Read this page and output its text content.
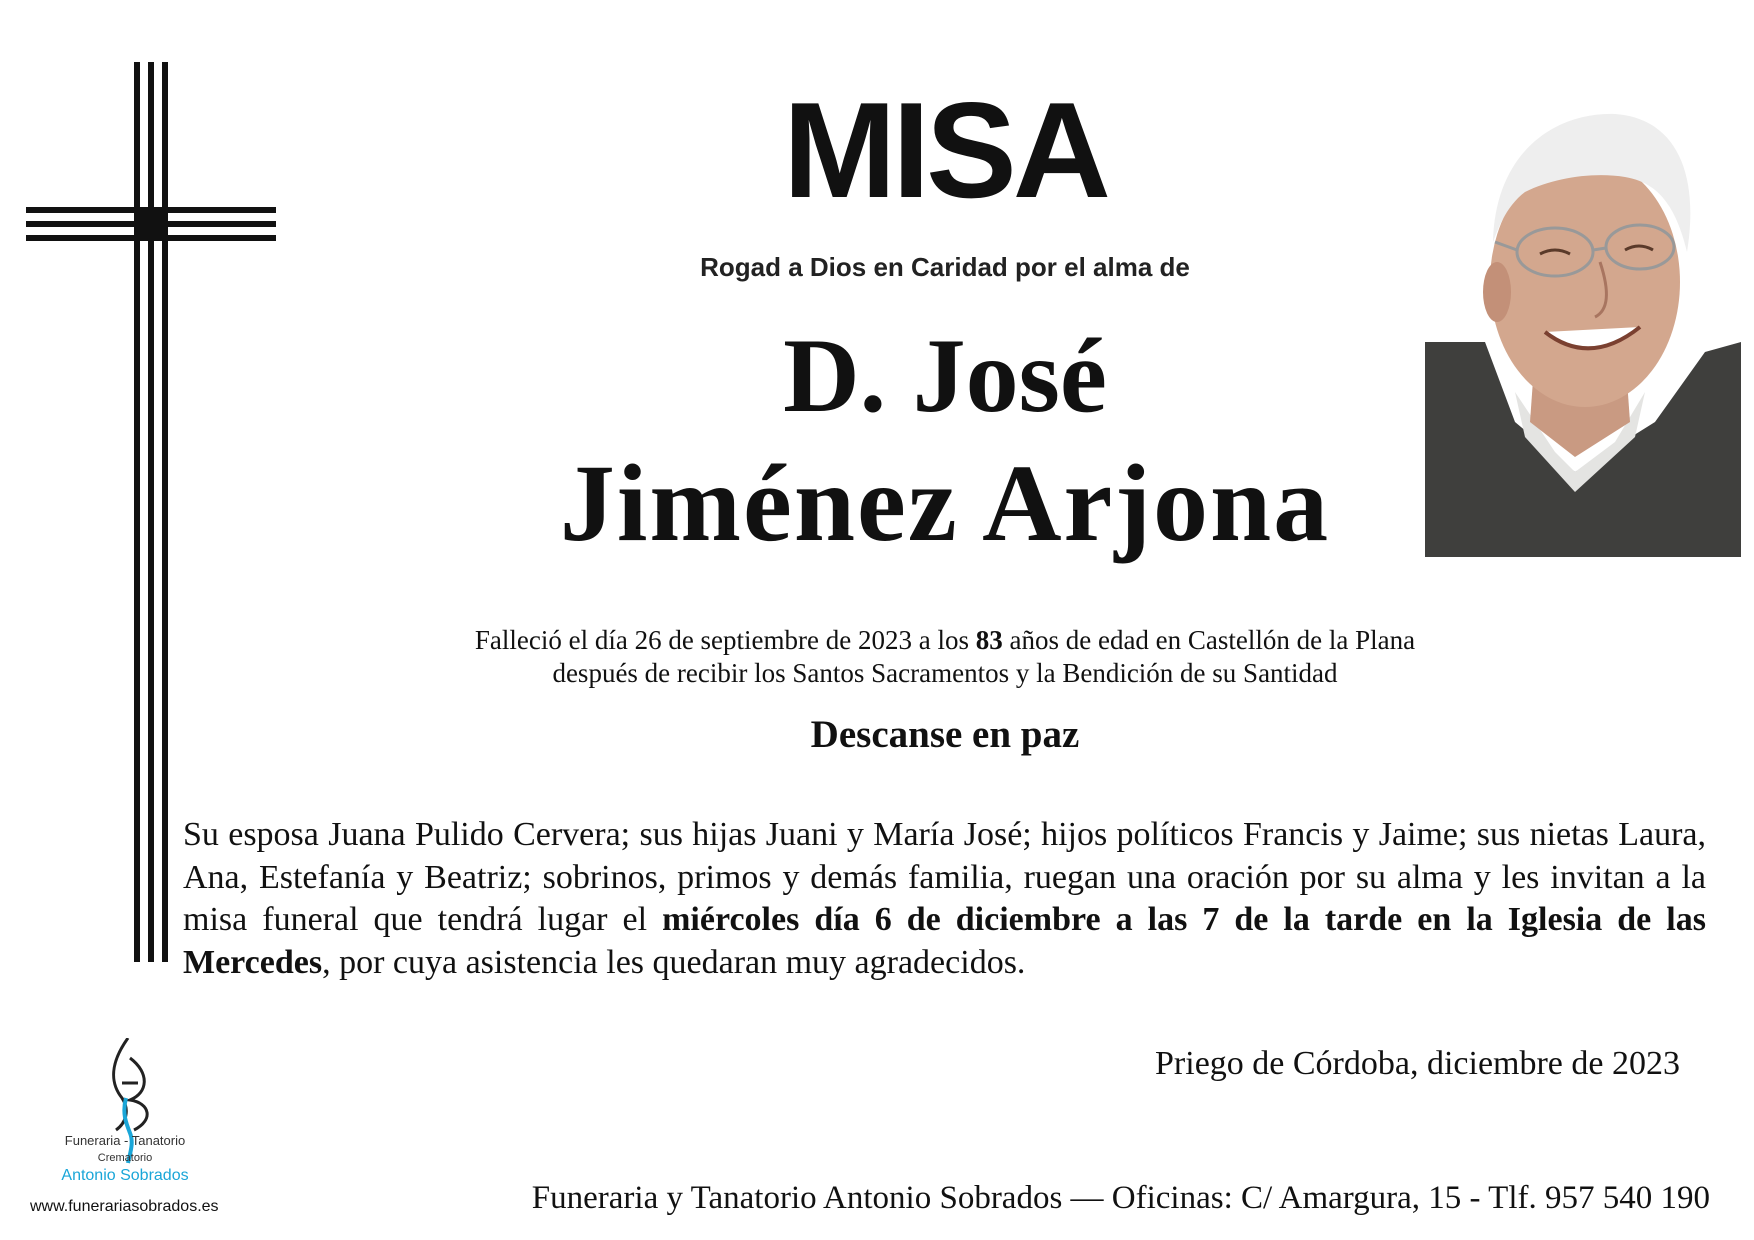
MISA
Rogad a Dios en Caridad por el alma de
D. José
Jiménez Arjona
Falleció el día 26 de septiembre de 2023 a los 83 años de edad en Castellón de la Plana
después de recibir los Santos Sacramentos y la Bendición de su Santidad
Descanse en paz
Su esposa Juana Pulido Cervera; sus hijas Juani y María José; hijos políticos Francis y Jaime; sus nietas Laura, Ana, Estefanía y Beatriz; sobrinos, primos y demás familia, ruegan una oración por su alma y les invitan a la misa funeral que tendrá lugar el miércoles día 6 de diciembre a las 7 de la tarde en la Iglesia de las Mercedes, por cuya asistencia les quedaran muy agradecidos.
Priego de Córdoba, diciembre de 2023
Funeraria y Tanatorio Antonio Sobrados — Oficinas: C/ Amargura, 15 - Tlf. 957 540 190
Funeraria - Tanatorio
Crematorio
Antonio Sobrados
www.funerariasobrados.es
